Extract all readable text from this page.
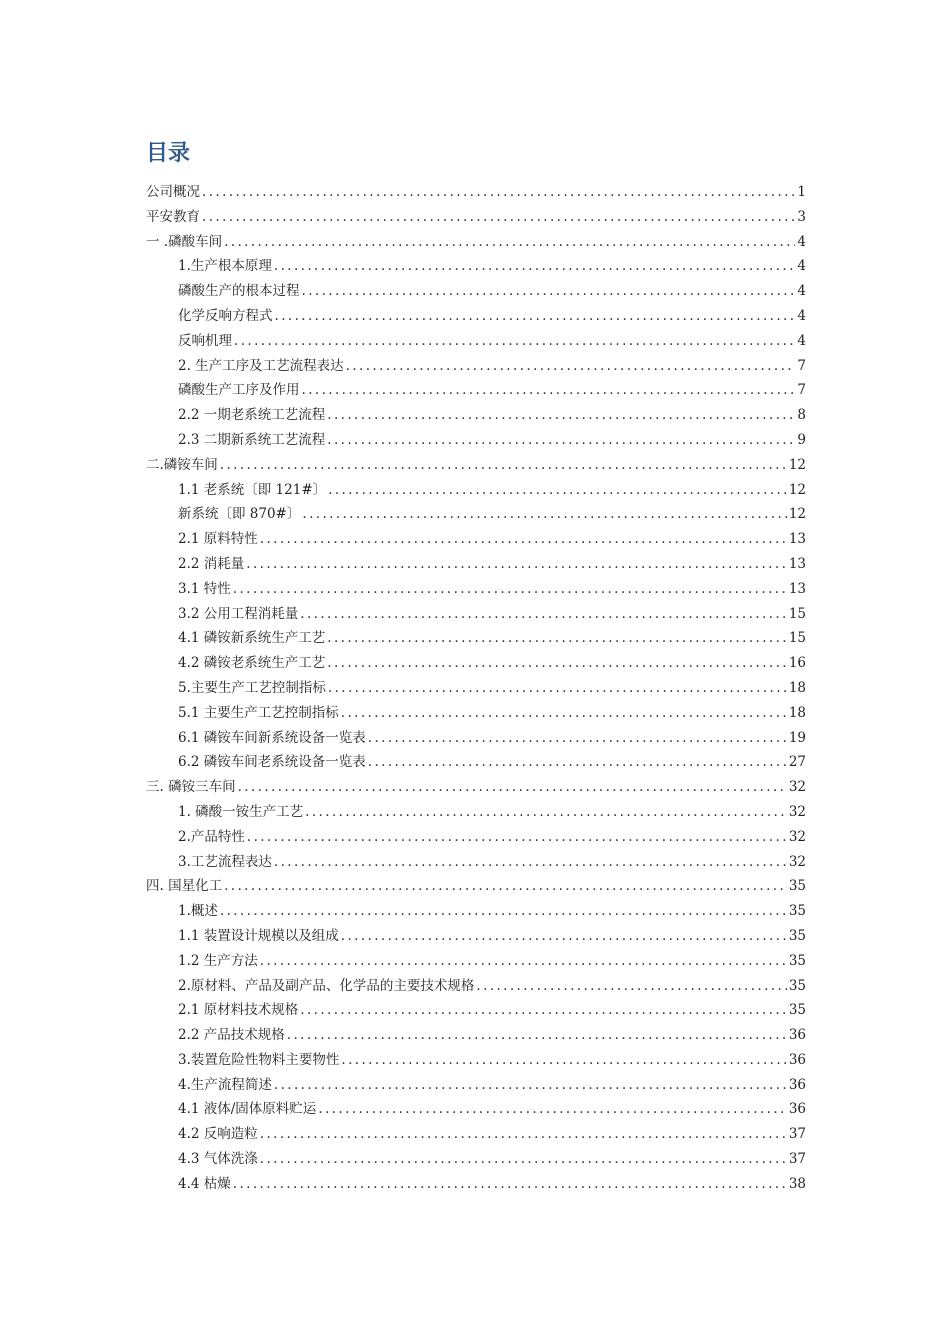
目录
公司概况 .....	1
平安教育 .....	3
一 .磷酸车间 .....	4
1.生产根本原理 .....	4
磷酸生产的根本过程 .....	4
化学反响方程式 .....	4
反响机理 .....	4
2. 生产工序及工艺流程表达 .....	7
磷酸生产工序及作用 .....	7
2.2 一期老系统工艺流程 .....	8
2.3 二期新系统工艺流程 .....	9
二.磷铵车间 .....	12
1.1 老系统〔即 121#〕 .....	12
新系统〔即 870#〕 .....	12
2.1 原料特性 .....	13
2.2 消耗量 .....	13
3.1 特性 .....	13
3.2 公用工程消耗量 .....	15
4.1 磷铵新系统生产工艺 .....	15
4.2 磷铵老系统生产工艺 .....	16
5.主要生产工艺控制指标 .....	18
5.1 主要生产工艺控制指标 .....	18
6.1 磷铵车间新系统设备一览表 .....	19
6.2 磷铵车间老系统设备一览表 .....	27
三. 磷铵三车间 .....	32
1. 磷酸一铵生产工艺 .....	32
2.产品特性 .....	32
3.工艺流程表达 .....	32
四. 国星化工 .....	35
1.概述 .....	35
1.1 装置设计规模以及组成 .....	35
1.2 生产方法 .....	35
2.原材料、产品及副产品、化学品的主要技术规格 .....	35
2.1 原材料技术规格 .....	35
2.2 产品技术规格 .....	36
3.装置危险性物料主要物性 .....	36
4.生产流程简述 .....	36
4.1 液体/固体原料贮运 .....	36
4.2 反响造粒 .....	37
4.3 气体洗涤 .....	37
4.4 枯燥 .....	38
